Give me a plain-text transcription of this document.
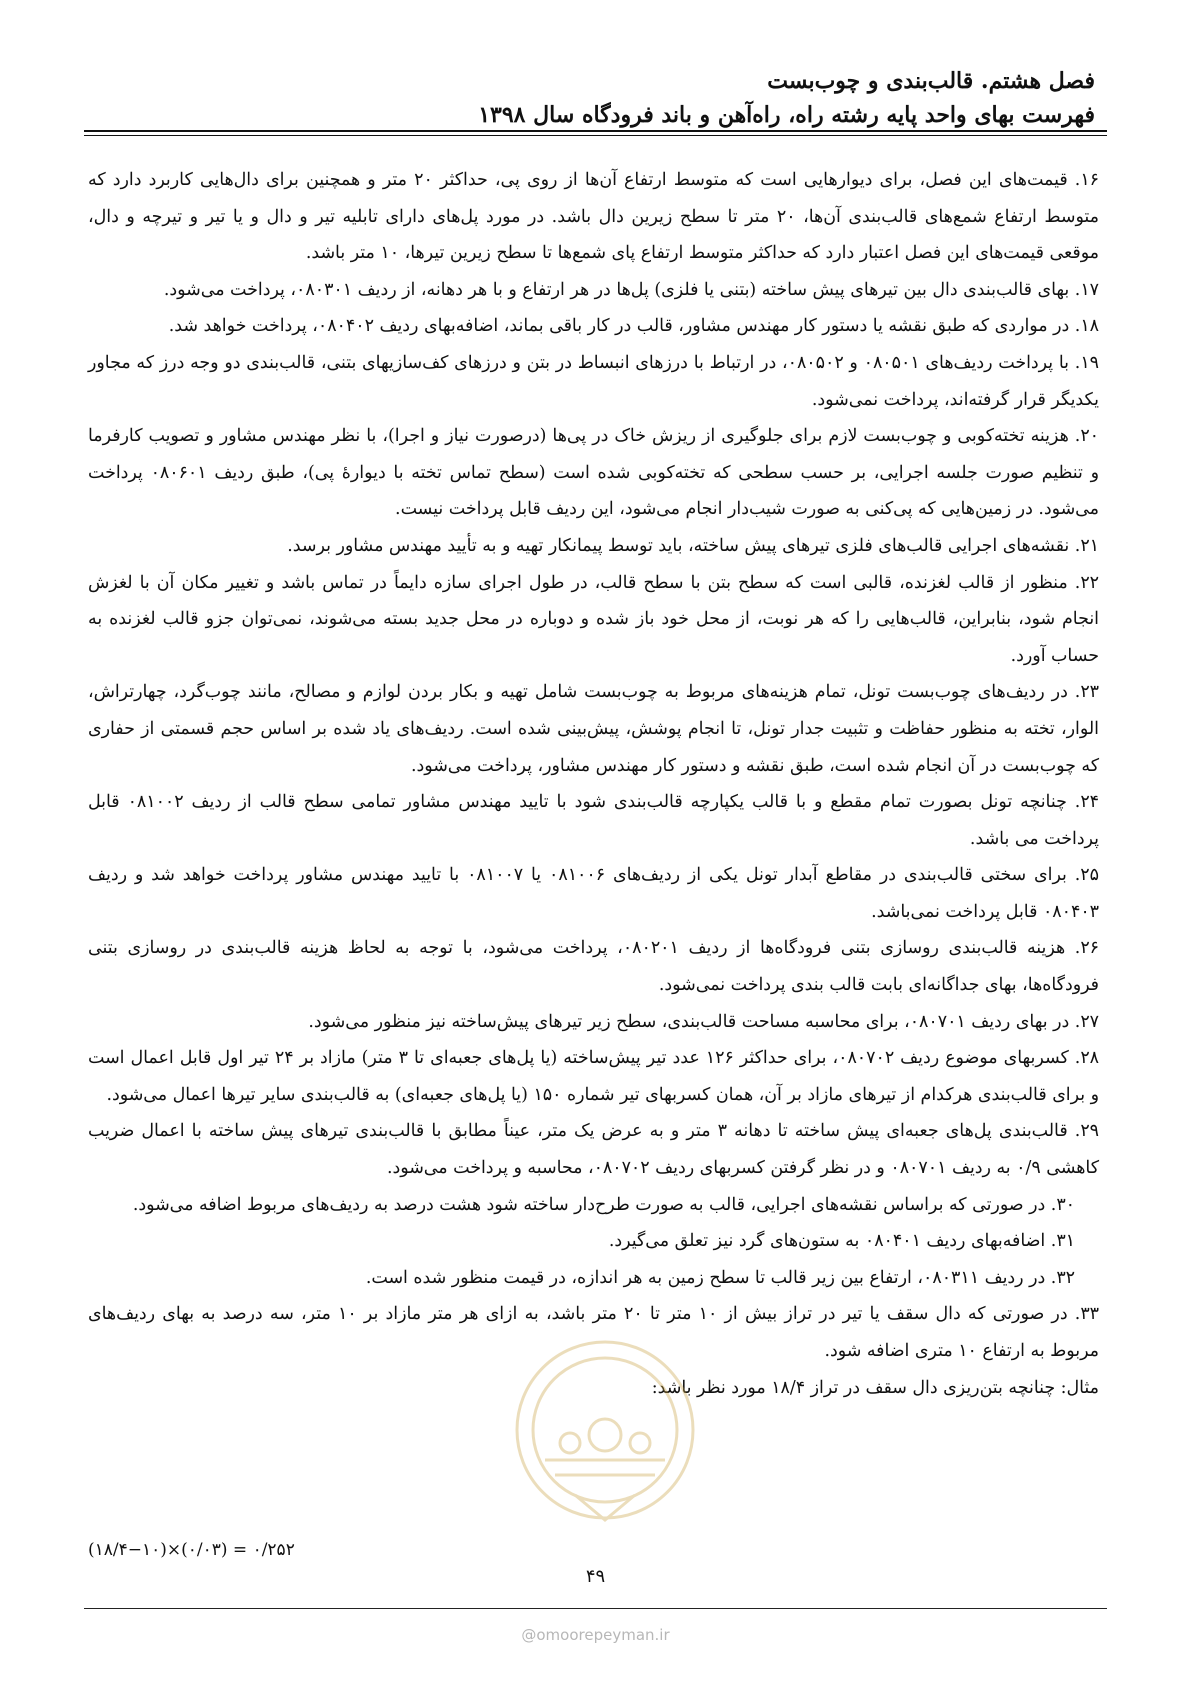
فصل هشتم. قالب‌بندی و چوب‌بست

فهرست بهای واحد پایه رشته راه، راه‌آهن و باند فرودگاه سال ۱۳۹۸

۱۶. قیمت‌های این فصل، برای دیوارهایی است که متوسط ارتفاع آن‌ها از روی پی، حداکثر ۲۰ متر و همچنین برای دال‌هایی کاربرد دارد که متوسط ارتفاع شمع‌های قالب‌بندی آن‌ها، ۲۰ متر تا سطح زیرین دال باشد. در مورد پل‌های دارای تابلیه تیر و دال و یا تیر و تیرچه و دال، موقعی قیمت‌های این فصل اعتبار دارد که حداکثر متوسط ارتفاع پای شمع‌ها تا سطح زیرین تیرها، ۱۰ متر باشد.

۱۷. بهای قالب‌بندی دال بین تیرهای پیش ساخته (بتنی یا فلزی) پل‌ها در هر ارتفاع و با هر دهانه، از ردیف ۰۸۰۳۰۱، پرداخت می‌شود.

۱۸. در مواردی که طبق نقشه یا دستور کار مهندس مشاور، قالب در کار باقی بماند، اضافه‌بهای ردیف ۰۸۰۴۰۲، پرداخت خواهد شد.

۱۹. با پرداخت ردیف‌های ۰۸۰۵۰۱ و ۰۸۰۵۰۲، در ارتباط با درزهای انبساط در بتن و درزهای کف‌سازیهای بتنی، قالب‌بندی دو وجه درز که مجاور یکدیگر قرار گرفته‌اند، پرداخت نمی‌شود.

۲۰. هزینه تخته‌کوبی و چوب‌بست لازم برای جلوگیری از ریزش خاک در پی‌ها (درصورت نیاز و اجرا)، با نظر مهندس مشاور و تصویب کارفرما و تنظیم صورت جلسه اجرایی، بر حسب سطحی که تخته‌کوبی شده است (سطح تماس تخته با دیوارهٔ پی)، طبق ردیف ۰۸۰۶۰۱ پرداخت می‌شود. در زمین‌هایی که پی‌کنی به صورت شیب‌دار انجام می‌شود، این ردیف قابل پرداخت نیست.

۲۱. نقشه‌های اجرایی قالب‌های فلزی تیرهای پیش ساخته، باید توسط پیمانکار تهیه و به تأیید مهندس مشاور برسد.

۲۲. منظور از قالب لغزنده، قالبی است که سطح بتن با سطح قالب، در طول اجرای سازه دایماً در تماس باشد و تغییر مکان آن با لغزش انجام شود، بنابراین، قالب‌هایی را که هر نوبت، از محل خود باز شده و دوباره در محل جدید بسته می‌شوند، نمی‌توان جزو قالب لغزنده به حساب آورد.

۲۳. در ردیف‌های چوب‌بست تونل، تمام هزینه‌های مربوط به چوب‌بست شامل تهیه و بکار بردن لوازم و مصالح، مانند چوب‌گرد، چهارتراش، الوار، تخته به منظور حفاظت و تثبیت جدار تونل، تا انجام پوشش، پیش‌بینی شده است. ردیف‌های یاد شده بر اساس حجم قسمتی از حفاری که چوب‌بست در آن انجام شده است، طبق نقشه و دستور کار مهندس مشاور، پرداخت می‌شود.

۲۴. چنانچه تونل بصورت تمام مقطع و با قالب یکپارچه قالب‌بندی شود با تایید مهندس مشاور تمامی سطح قالب از ردیف ۰۸۱۰۰۲ قابل پرداخت می باشد.

۲۵. برای سختی قالب‌بندی در مقاطع آبدار تونل یکی از ردیف‌های ۰۸۱۰۰۶ یا ۰۸۱۰۰۷ با تایید مهندس مشاور پرداخت خواهد شد و ردیف ۰۸۰۴۰۳ قابل پرداخت نمی‌باشد.

۲۶. هزینه قالب‌بندی روسازی بتنی فرودگاه‌ها از ردیف ۰۸۰۲۰۱، پرداخت می‌شود، با توجه به لحاظ هزینه قالب‌بندی در روسازی بتنی فرودگاه‌ها، بهای جداگانه‌ای بابت قالب بندی پرداخت نمی‌شود.

۲۷. در بهای ردیف ۰۸۰۷۰۱، برای محاسبه مساحت قالب‌بندی، سطح زیر تیرهای پیش‌ساخته نیز منظور می‌شود.

۲۸. کسربهای موضوع ردیف ۰۸۰۷۰۲، برای حداکثر ۱۲۶ عدد تیر پیش‌ساخته (یا پل‌های جعبه‌ای تا ۳ متر) مازاد بر ۲۴ تیر اول قابل اعمال است و برای قالب‌بندی هرکدام از تیرهای مازاد بر آن، همان کسربهای تیر شماره ۱۵۰ (یا پل‌های جعبه‌ای) به قالب‌بندی سایر تیرها اعمال می‌شود.

۲۹. قالب‌بندی پل‌های جعبه‌ای پیش ساخته تا دهانه ۳ متر و به عرض یک متر، عیناً مطابق با قالب‌بندی تیرهای پیش ساخته با اعمال ضریب کاهشی ۰/۹ به ردیف ۰۸۰۷۰۱ و در نظر گرفتن کسربهای ردیف ۰۸۰۷۰۲، محاسبه و پرداخت می‌شود.

۳۰. در صورتی که براساس نقشه‌های اجرایی، قالب به صورت طرح‌دار ساخته شود هشت درصد به ردیف‌های مربوط اضافه می‌شود.

۳۱. اضافه‌بهای ردیف ۰۸۰۴۰۱ به ستون‌های گرد نیز تعلق می‌گیرد.

۳۲. در ردیف ۰۸۰۳۱۱، ارتفاع بین زیر قالب تا سطح زمین به هر اندازه، در قیمت منظور شده است.

۳۳. در صورتی که دال سقف یا تیر در تراز بیش از ۱۰ متر تا ۲۰ متر باشد، به ازای هر متر مازاد بر ۱۰ متر، سه درصد به بهای ردیف‌های مربوط به ارتفاع ۱۰ متری اضافه شود.

مثال: چنانچه بتن‌ریزی دال سقف در تراز ۱۸/۴ مورد نظر باشد:

(۱۸/۴−۱۰)×(۰/۰۳) = ۰/۲۵۲
۴۹
@omoorepeyman.ir
